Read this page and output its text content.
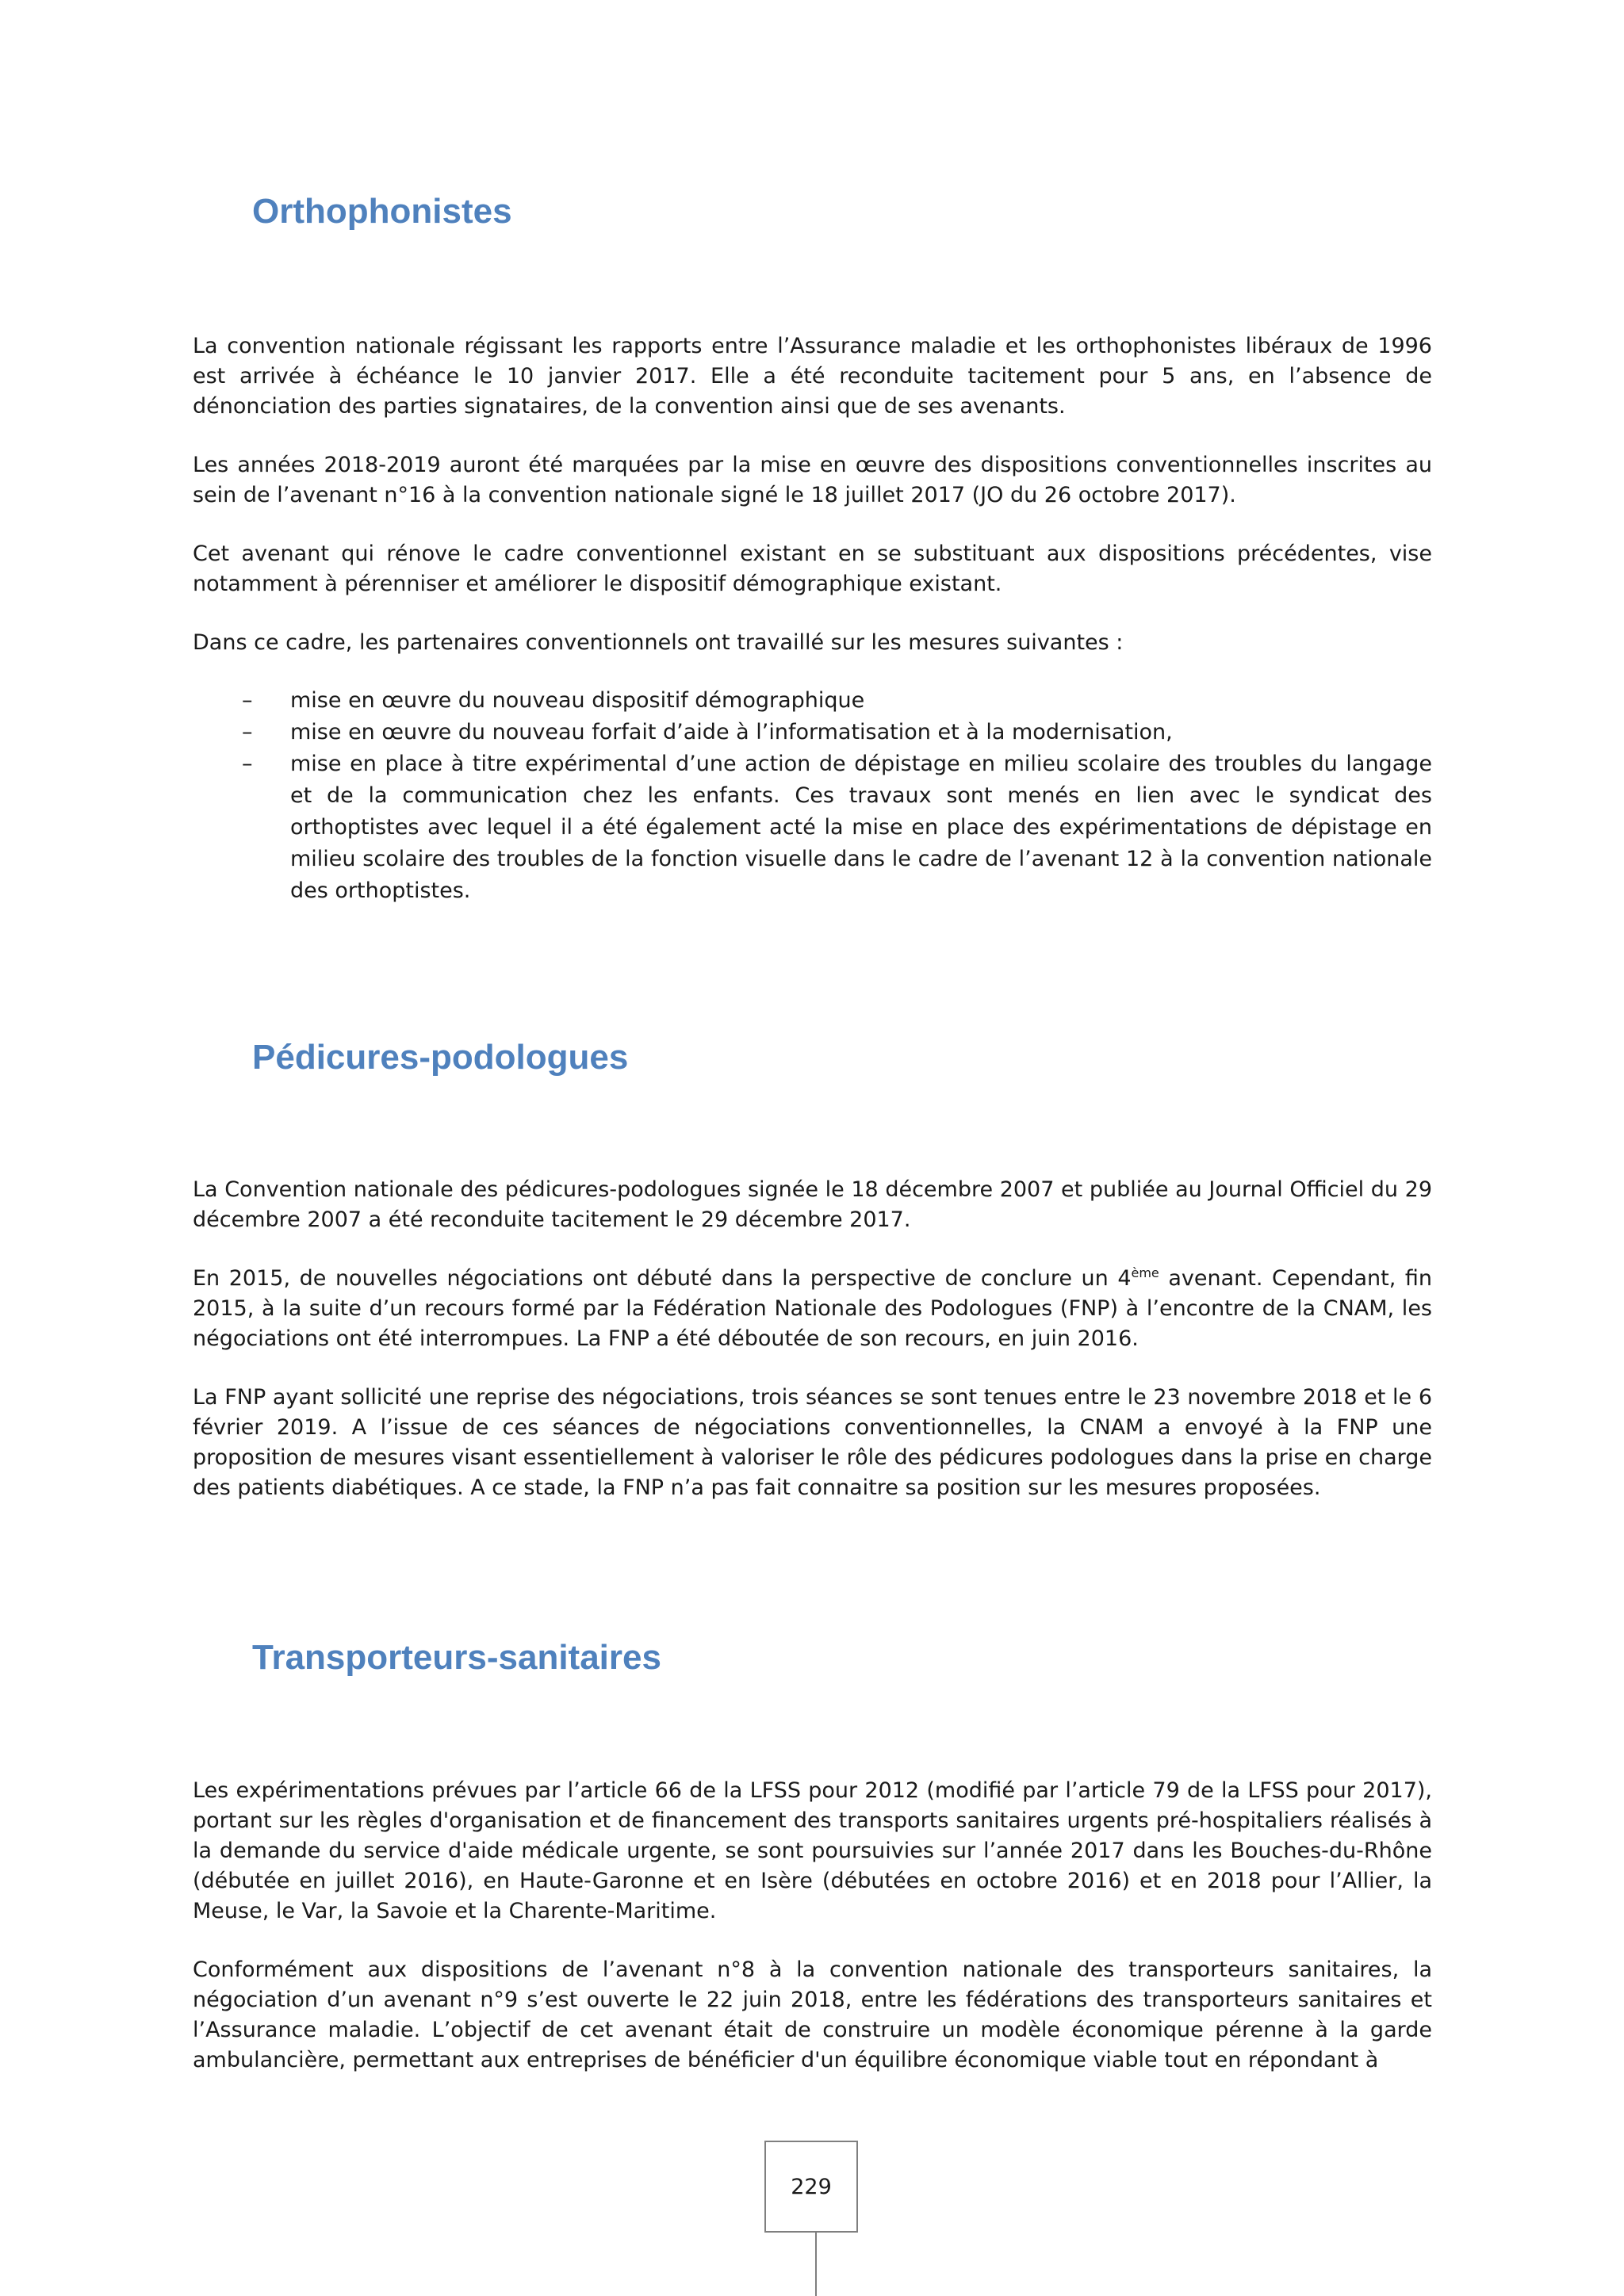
Orthophonistes

La convention nationale régissant les rapports entre l’Assurance maladie et les orthophonistes libéraux de 1996 est arrivée à échéance le 10 janvier 2017. Elle a été reconduite tacitement pour 5 ans, en l’absence de dénonciation des parties signataires, de la convention ainsi que de ses avenants.

Les années 2018-2019 auront été marquées par la mise en œuvre des dispositions conventionnelles inscrites au sein de l’avenant n°16 à la convention nationale signé le 18 juillet 2017 (JO du 26 octobre 2017).

Cet avenant qui rénove le cadre conventionnel existant en se substituant aux dispositions précédentes, vise notamment à pérenniser et améliorer le dispositif démographique existant.

Dans ce cadre, les partenaires conventionnels ont travaillé sur les mesures suivantes :

– mise en œuvre du nouveau dispositif démographique
– mise en œuvre du nouveau forfait d’aide à l’informatisation et à la modernisation,
– mise en place à titre expérimental d’une action de dépistage en milieu scolaire des troubles du langage et de la communication chez les enfants. Ces travaux sont menés en lien avec le syndicat des orthoptistes avec lequel il a été également acté la mise en place des expérimentations de dépistage en milieu scolaire des troubles de la fonction visuelle dans le cadre de l’avenant 12 à la convention nationale des orthoptistes.
Pédicures-podologues

La Convention nationale des pédicures-podologues signée le 18 décembre 2007 et publiée au Journal Officiel du 29 décembre 2007 a été reconduite tacitement le 29 décembre 2017.

En 2015, de nouvelles négociations ont débuté dans la perspective de conclure un 4ème avenant. Cependant, fin 2015, à la suite d’un recours formé par la Fédération Nationale des Podologues (FNP) à l’encontre de la CNAM, les négociations ont été interrompues. La FNP a été déboutée de son recours, en juin 2016.

La FNP ayant sollicité une reprise des négociations, trois séances se sont tenues entre le 23 novembre 2018 et le 6 février 2019. A l’issue de ces séances de négociations conventionnelles, la CNAM a envoyé à la FNP une proposition de mesures visant essentiellement à valoriser le rôle des pédicures podologues dans la prise en charge des patients diabétiques. A ce stade, la FNP n’a pas fait connaitre sa position sur les mesures proposées.

Transporteurs-sanitaires

Les expérimentations prévues par l’article 66 de la LFSS pour 2012 (modifié par l’article 79 de la LFSS pour 2017), portant sur les règles d'organisation et de financement des transports sanitaires urgents pré-hospitaliers réalisés à la demande du service d'aide médicale urgente, se sont poursuivies sur l’année 2017 dans les Bouches-du-Rhône (débutée en juillet 2016), en Haute-Garonne et en Isère (débutées en octobre 2016) et en 2018 pour l’Allier, la Meuse, le Var, la Savoie et la Charente-Maritime.

Conformément aux dispositions de l’avenant n°8 à la convention nationale des transporteurs sanitaires, la négociation d’un avenant n°9 s’est ouverte le 22 juin 2018, entre les fédérations des transporteurs sanitaires et l’Assurance maladie. L’objectif de cet avenant était de construire un modèle économique pérenne à la garde ambulancière, permettant aux entreprises de bénéficier d'un équilibre économique viable tout en répondant à

229
